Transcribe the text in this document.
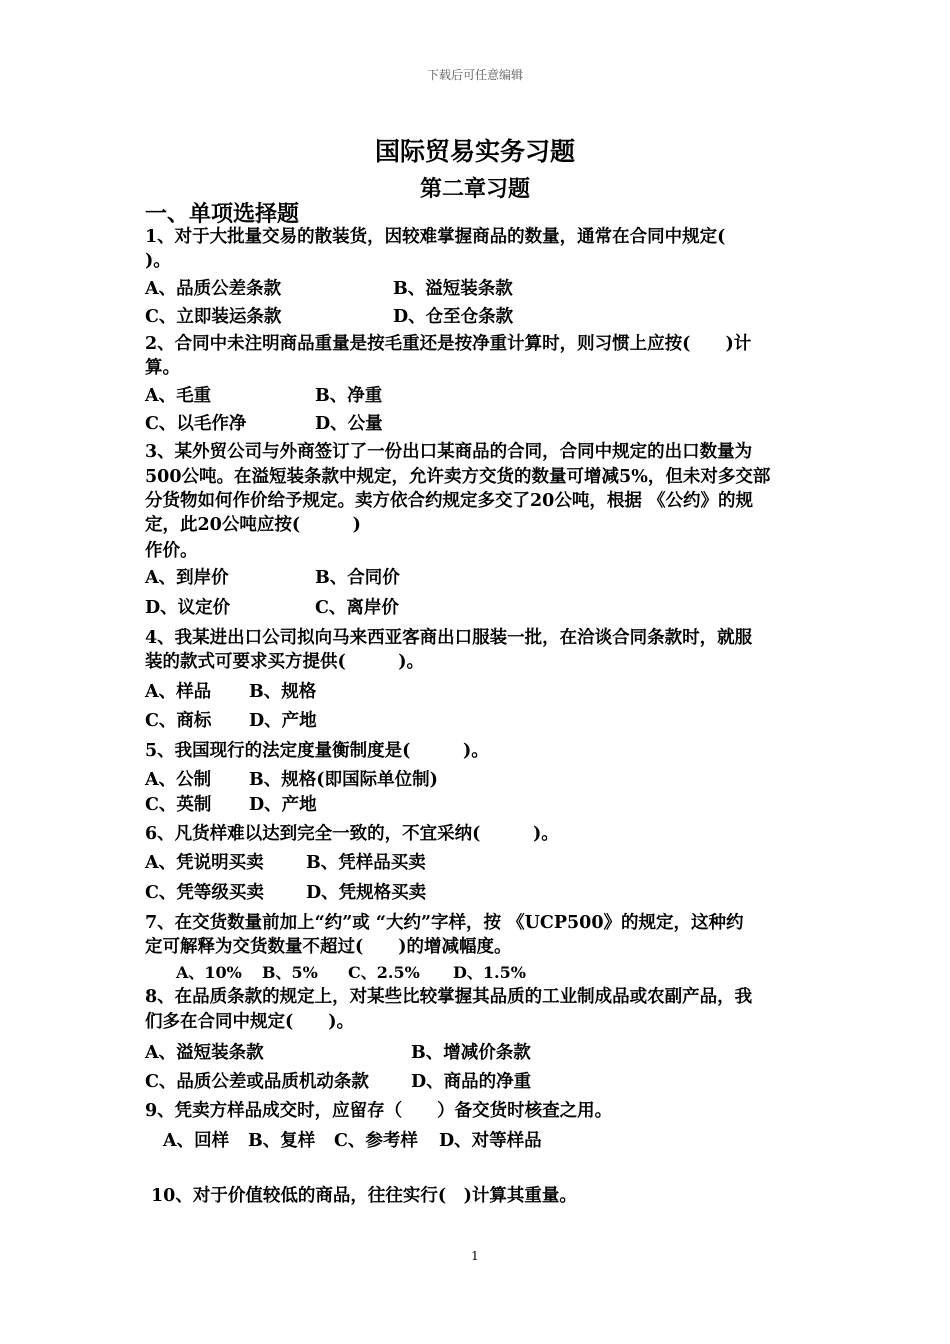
下载后可任意编辑
国际贸易实务习题
第二章习题
一、单项选择题
1、对于大批量交易的散装货，因较难掌握商品的数量，通常在合同中规定(
)。
A、品质公差条款	B、溢短装条款
C、立即装运条款	D、仓至仓条款
2、合同中未注明商品重量是按毛重还是按净重计算时，则习惯上应按(　　)计
算。
A、毛重	B、净重
C、以毛作净	D、公量
3、某外贸公司与外商签订了一份出口某商品的合同，合同中规定的出口数量为
500公吨。在溢短装条款中规定，允许卖方交货的数量可增减5%，但未对多交部
分货物如何作价给予规定。卖方依合约规定多交了20公吨，根据 《公约》的规
定，此20公吨应按(　　　)
作价。
A、到岸价	B、合同价
D、议定价	C、离岸价
4、我某进出口公司拟向马来西亚客商出口服装一批，在洽谈合同条款时，就服
装的款式可要求买方提供(　　　)。
A、样品 B、规格
C、商标 D、产地
5、我国现行的法定度量衡制度是(　　　)。
A、公制 B、规格(即国际单位制)
C、英制 D、产地
6、凡货样难以达到完全一致的，不宜采纳(　　　)。
A、凭说明买卖 B、凭样品买卖
C、凭等级买卖 D、凭规格买卖
7、在交货数量前加上“约”或 “大约”字样，按 《UCP500》的规定，这种约
定可解释为交货数量不超过(　　)的增减幅度。
A、10% B、5% C、2.5% D、1.5%
8、在品质条款的规定上，对某些比较掌握其品质的工业制成品或农副产品，我
们多在合同中规定(　　)。
A、溢短装条款	B、增减价条款
C、品质公差或品质机动条款 D、商品的净重
9、凭卖方样品成交时，应留存（　　）备交货时核查之用。
A、回样 B、复样 C、参考样 D、对等样品
10、对于价值较低的商品，往往实行(　)计算其重量。
1
